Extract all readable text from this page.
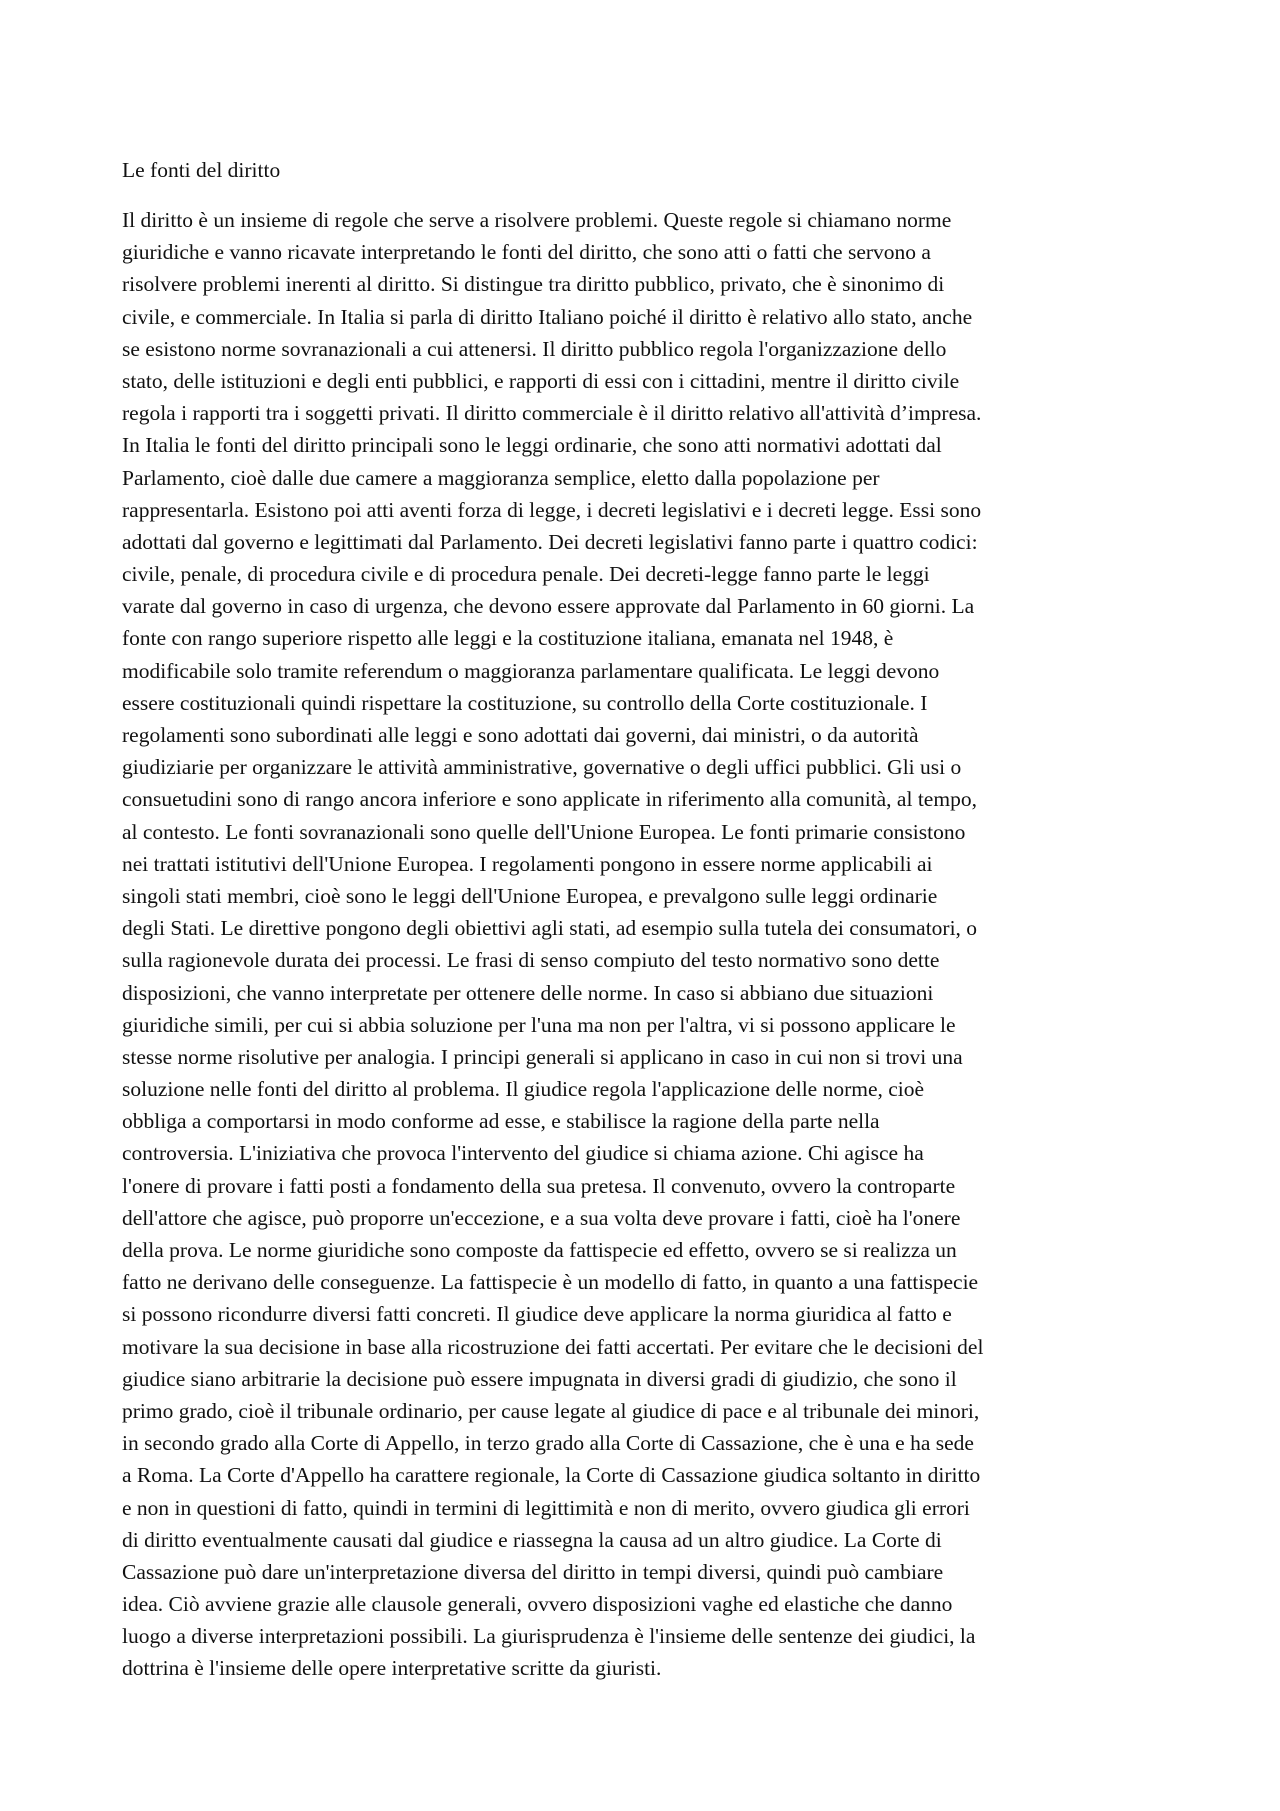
Le fonti del diritto
Il diritto è un insieme di regole che serve a risolvere problemi. Queste regole si chiamano norme
giuridiche e vanno ricavate interpretando le fonti del diritto, che sono atti o fatti che servono a
risolvere problemi inerenti al diritto. Si distingue tra diritto pubblico, privato, che è sinonimo di
civile, e commerciale. In Italia si parla di diritto Italiano poiché il diritto è relativo allo stato, anche
se esistono norme sovranazionali a cui attenersi. Il diritto pubblico regola l'organizzazione dello
stato, delle istituzioni e degli enti pubblici, e rapporti di essi con i cittadini, mentre il diritto civile
regola i rapporti tra i soggetti privati. Il diritto commerciale è il diritto relativo all'attività d’impresa.
In Italia le fonti del diritto principali sono le leggi ordinarie, che sono atti normativi adottati dal
Parlamento, cioè dalle due camere a maggioranza semplice, eletto dalla popolazione per
rappresentarla. Esistono poi atti aventi forza di legge, i decreti legislativi e i decreti legge. Essi sono
adottati dal governo e legittimati dal Parlamento. Dei decreti legislativi fanno parte i quattro codici:
civile, penale, di procedura civile e di procedura penale. Dei decreti-legge fanno parte le leggi
varate dal governo in caso di urgenza, che devono essere approvate dal Parlamento in 60 giorni. La
fonte con rango superiore rispetto alle leggi e la costituzione italiana, emanata nel 1948, è
modificabile solo tramite referendum o maggioranza parlamentare qualificata. Le leggi devono
essere costituzionali quindi rispettare la costituzione, su controllo della Corte costituzionale. I
regolamenti sono subordinati alle leggi e sono adottati dai governi, dai ministri, o da autorità
giudiziarie per organizzare le attività amministrative, governative o degli uffici pubblici. Gli usi o
consuetudini sono di rango ancora inferiore e sono applicate in riferimento alla comunità, al tempo,
al contesto. Le fonti sovranazionali sono quelle dell'Unione Europea. Le fonti primarie consistono
nei trattati istitutivi dell'Unione Europea. I regolamenti pongono in essere norme applicabili ai
singoli stati membri, cioè sono le leggi dell'Unione Europea, e prevalgono sulle leggi ordinarie
degli Stati. Le direttive pongono degli obiettivi agli stati, ad esempio sulla tutela dei consumatori, o
sulla ragionevole durata dei processi. Le frasi di senso compiuto del testo normativo sono dette
disposizioni, che vanno interpretate per ottenere delle norme. In caso si abbiano due situazioni
giuridiche simili, per cui si abbia soluzione per l'una ma non per l'altra, vi si possono applicare le
stesse norme risolutive per analogia. I principi generali si applicano in caso in cui non si trovi una
soluzione nelle fonti del diritto al problema. Il giudice regola l'applicazione delle norme, cioè
obbliga a comportarsi in modo conforme ad esse, e stabilisce la ragione della parte nella
controversia. L'iniziativa che provoca l'intervento del giudice si chiama azione. Chi agisce ha
l'onere di provare i fatti posti a fondamento della sua pretesa. Il convenuto, ovvero la controparte
dell'attore che agisce, può proporre un'eccezione, e a sua volta deve provare i fatti, cioè ha l'onere
della prova. Le norme giuridiche sono composte da fattispecie ed effetto, ovvero se si realizza un
fatto ne derivano delle conseguenze. La fattispecie è un modello di fatto, in quanto a una fattispecie
si possono ricondurre diversi fatti concreti. Il giudice deve applicare la norma giuridica al fatto e
motivare la sua decisione in base alla ricostruzione dei fatti accertati. Per evitare che le decisioni del
giudice siano arbitrarie la decisione può essere impugnata in diversi gradi di giudizio, che sono il
primo grado, cioè il tribunale ordinario, per cause legate al giudice di pace e al tribunale dei minori,
in secondo grado alla Corte di Appello, in terzo grado alla Corte di Cassazione, che è una e ha sede
a Roma. La Corte d'Appello ha carattere regionale, la Corte di Cassazione giudica soltanto in diritto
e non in questioni di fatto, quindi in termini di legittimità e non di merito, ovvero giudica gli errori
di diritto eventualmente causati dal giudice e riassegna la causa ad un altro giudice. La Corte di
Cassazione può dare un'interpretazione diversa del diritto in tempi diversi, quindi può cambiare
idea. Ciò avviene grazie alle clausole generali, ovvero disposizioni vaghe ed elastiche che danno
luogo a diverse interpretazioni possibili. La giurisprudenza è l'insieme delle sentenze dei giudici, la
dottrina è l'insieme delle opere interpretative scritte da giuristi.
